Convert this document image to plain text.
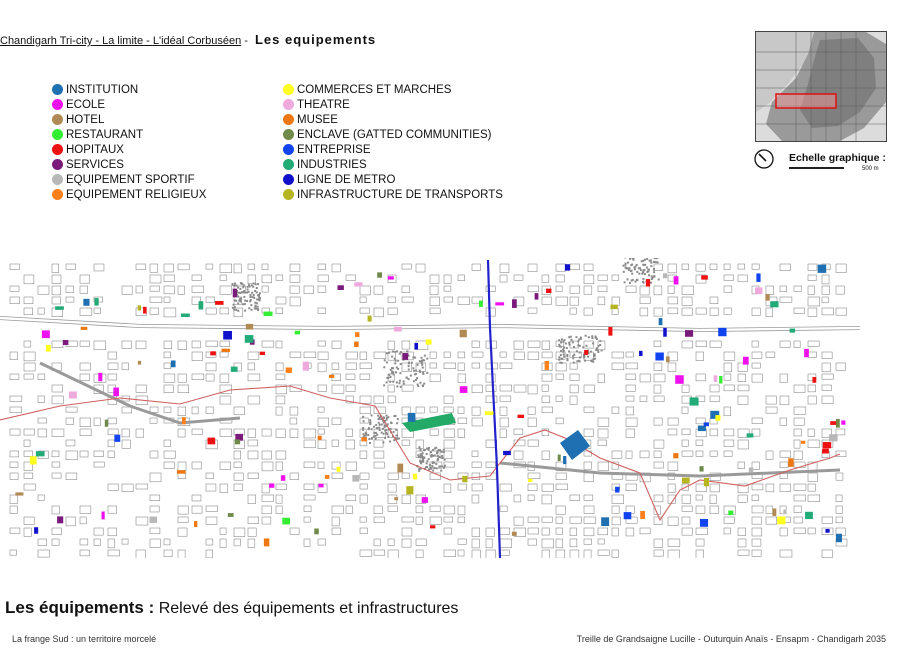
Chandigarh Tri-city - La limite - L'idéal Corbuséen - Les equipements
INSTITUTION
ECOLE
HOTEL
RESTAURANT
HOPITAUX
SERVICES
EQUIPEMENT SPORTIF
EQUIPEMENT RELIGIEUX
COMMERCES ET MARCHES
THEATRE
MUSEE
ENCLAVE (GATTED COMMUNITIES)
ENTREPRISE
INDUSTRIES
LIGNE DE METRO
INFRASTRUCTURE DE TRANSPORTS
Echelle graphique :
500 m
Les équipements : Relevé des équipements et infrastructures
La frange Sud : un territoire morcelé	Treille de Grandsaigne Lucille - Outurquin Anaïs - Ensapm - Chandigarh 2035
